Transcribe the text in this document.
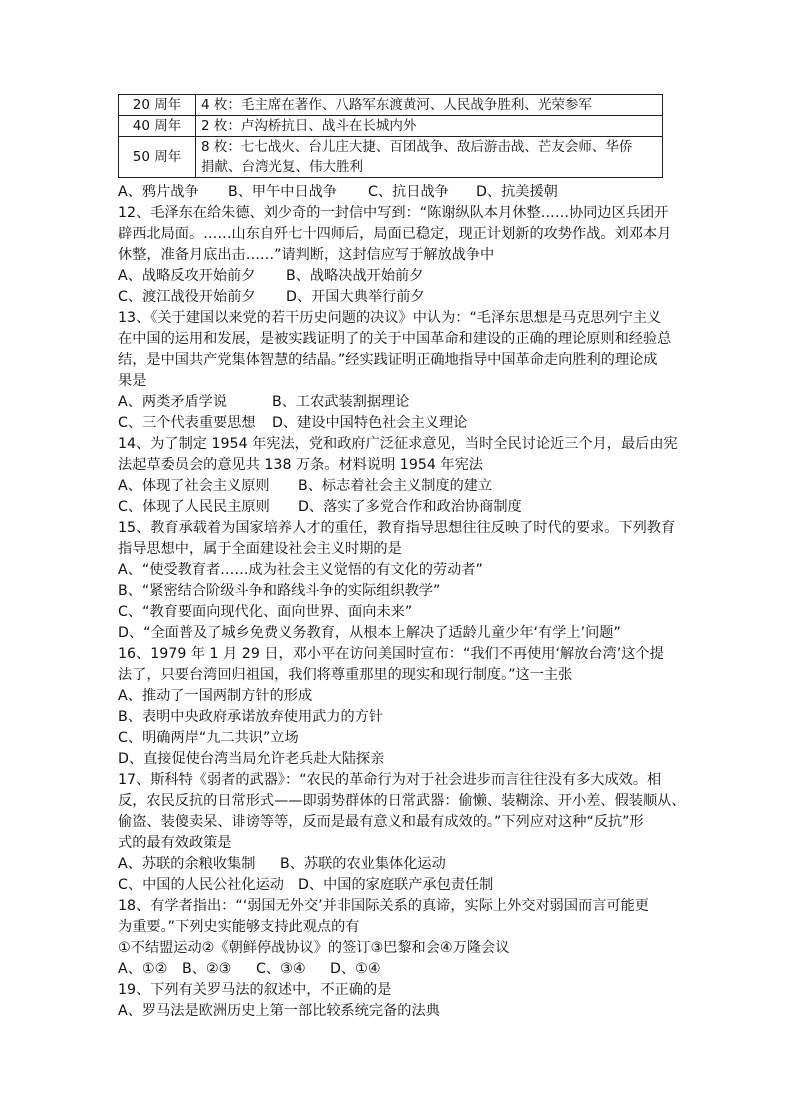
20 周年	4 枚：毛主席在著作、八路军东渡黄河、人民战争胜利、光荣参军
40 周年	2 枚：卢沟桥抗日、战斗在长城内外
50 周年	8 枚：七七战火、台儿庄大捷、百团战争、敌后游击战、芒友会师、华侨
捐献、台湾光复、伟大胜利
A、鸦片战争 B、甲午中日战争 C、抗日战争 D、抗美援朝
12、毛泽东在给朱德、刘少奇的一封信中写到：“陈谢纵队本月休整……协同边区兵团开
辟西北局面。……山东自歼七十四师后，局面已稳定，现正计划新的攻势作战。刘邓本月
休整，准备月底出击……”请判断，这封信应写于解放战争中
A、战略反攻开始前夕 B、战略决战开始前夕
C、渡江战役开始前夕 D、开国大典举行前夕
13、《关于建国以来党的若干历史问题的决议》中认为：“毛泽东思想是马克思列宁主义
在中国的运用和发展，是被实践证明了的关于中国革命和建设的正确的理论原则和经验总
结，是中国共产党集体智慧的结晶。”经实践证明正确地指导中国革命走向胜利的理论成
果是
A、两类矛盾学说	B、工农武装割据理论
C、三个代表重要思想 D、建设中国特色社会主义理论
14、为了制定 1954 年宪法，党和政府广泛征求意见，当时全民讨论近三个月，最后由宪
法起草委员会的意见共 138 万条。材料说明 1954 年宪法
A、体现了社会主义原则 B、标志着社会主义制度的建立
C、体现了人民民主原则 D、落实了多党合作和政治协商制度
15、教育承载着为国家培养人才的重任，教育指导思想往往反映了时代的要求。下列教育
指导思想中，属于全面建设社会主义时期的是
A、“使受教育者……成为社会主义觉悟的有文化的劳动者”
B、“紧密结合阶级斗争和路线斗争的实际组织教学”
C、“教育要面向现代化、面向世界、面向未来”
D、“全面普及了城乡免费义务教育，从根本上解决了适龄儿童少年‘有学上’问题”
16、1979 年 1 月 29 日，邓小平在访问美国时宣布：“我们不再使用‘解放台湾’这个提
法了，只要台湾回归祖国，我们将尊重那里的现实和现行制度。”这一主张
A、推动了一国两制方针的形成
B、表明中央政府承诺放弃使用武力的方针
C、明确两岸“九二共识”立场
D、直接促使台湾当局允许老兵赴大陆探亲
17、斯科特《弱者的武器》：“农民的革命行为对于社会进步而言往往没有多大成效。相
反，农民反抗的日常形式——即弱势群体的日常武器：偷懒、装糊涂、开小差、假装顺从、
偷盗、装傻卖呆、诽谤等等，反而是最有意义和最有成效的。”下列应对这种“反抗”形
式的最有效政策是
A、苏联的余粮收集制 B、苏联的农业集体化运动
C、中国的人民公社化运动 D、中国的家庭联产承包责任制
18、有学者指出：“‘弱国无外交’并非国际关系的真谛，实际上外交对弱国而言可能更
为重要。”下列史实能够支持此观点的有
①不结盟运动②《朝鲜停战协议》的签订③巴黎和会④万隆会议
A、①② B、②③ C、③④ D、①④
19、下列有关罗马法的叙述中，不正确的是
A、罗马法是欧洲历史上第一部比较系统完备的法典
